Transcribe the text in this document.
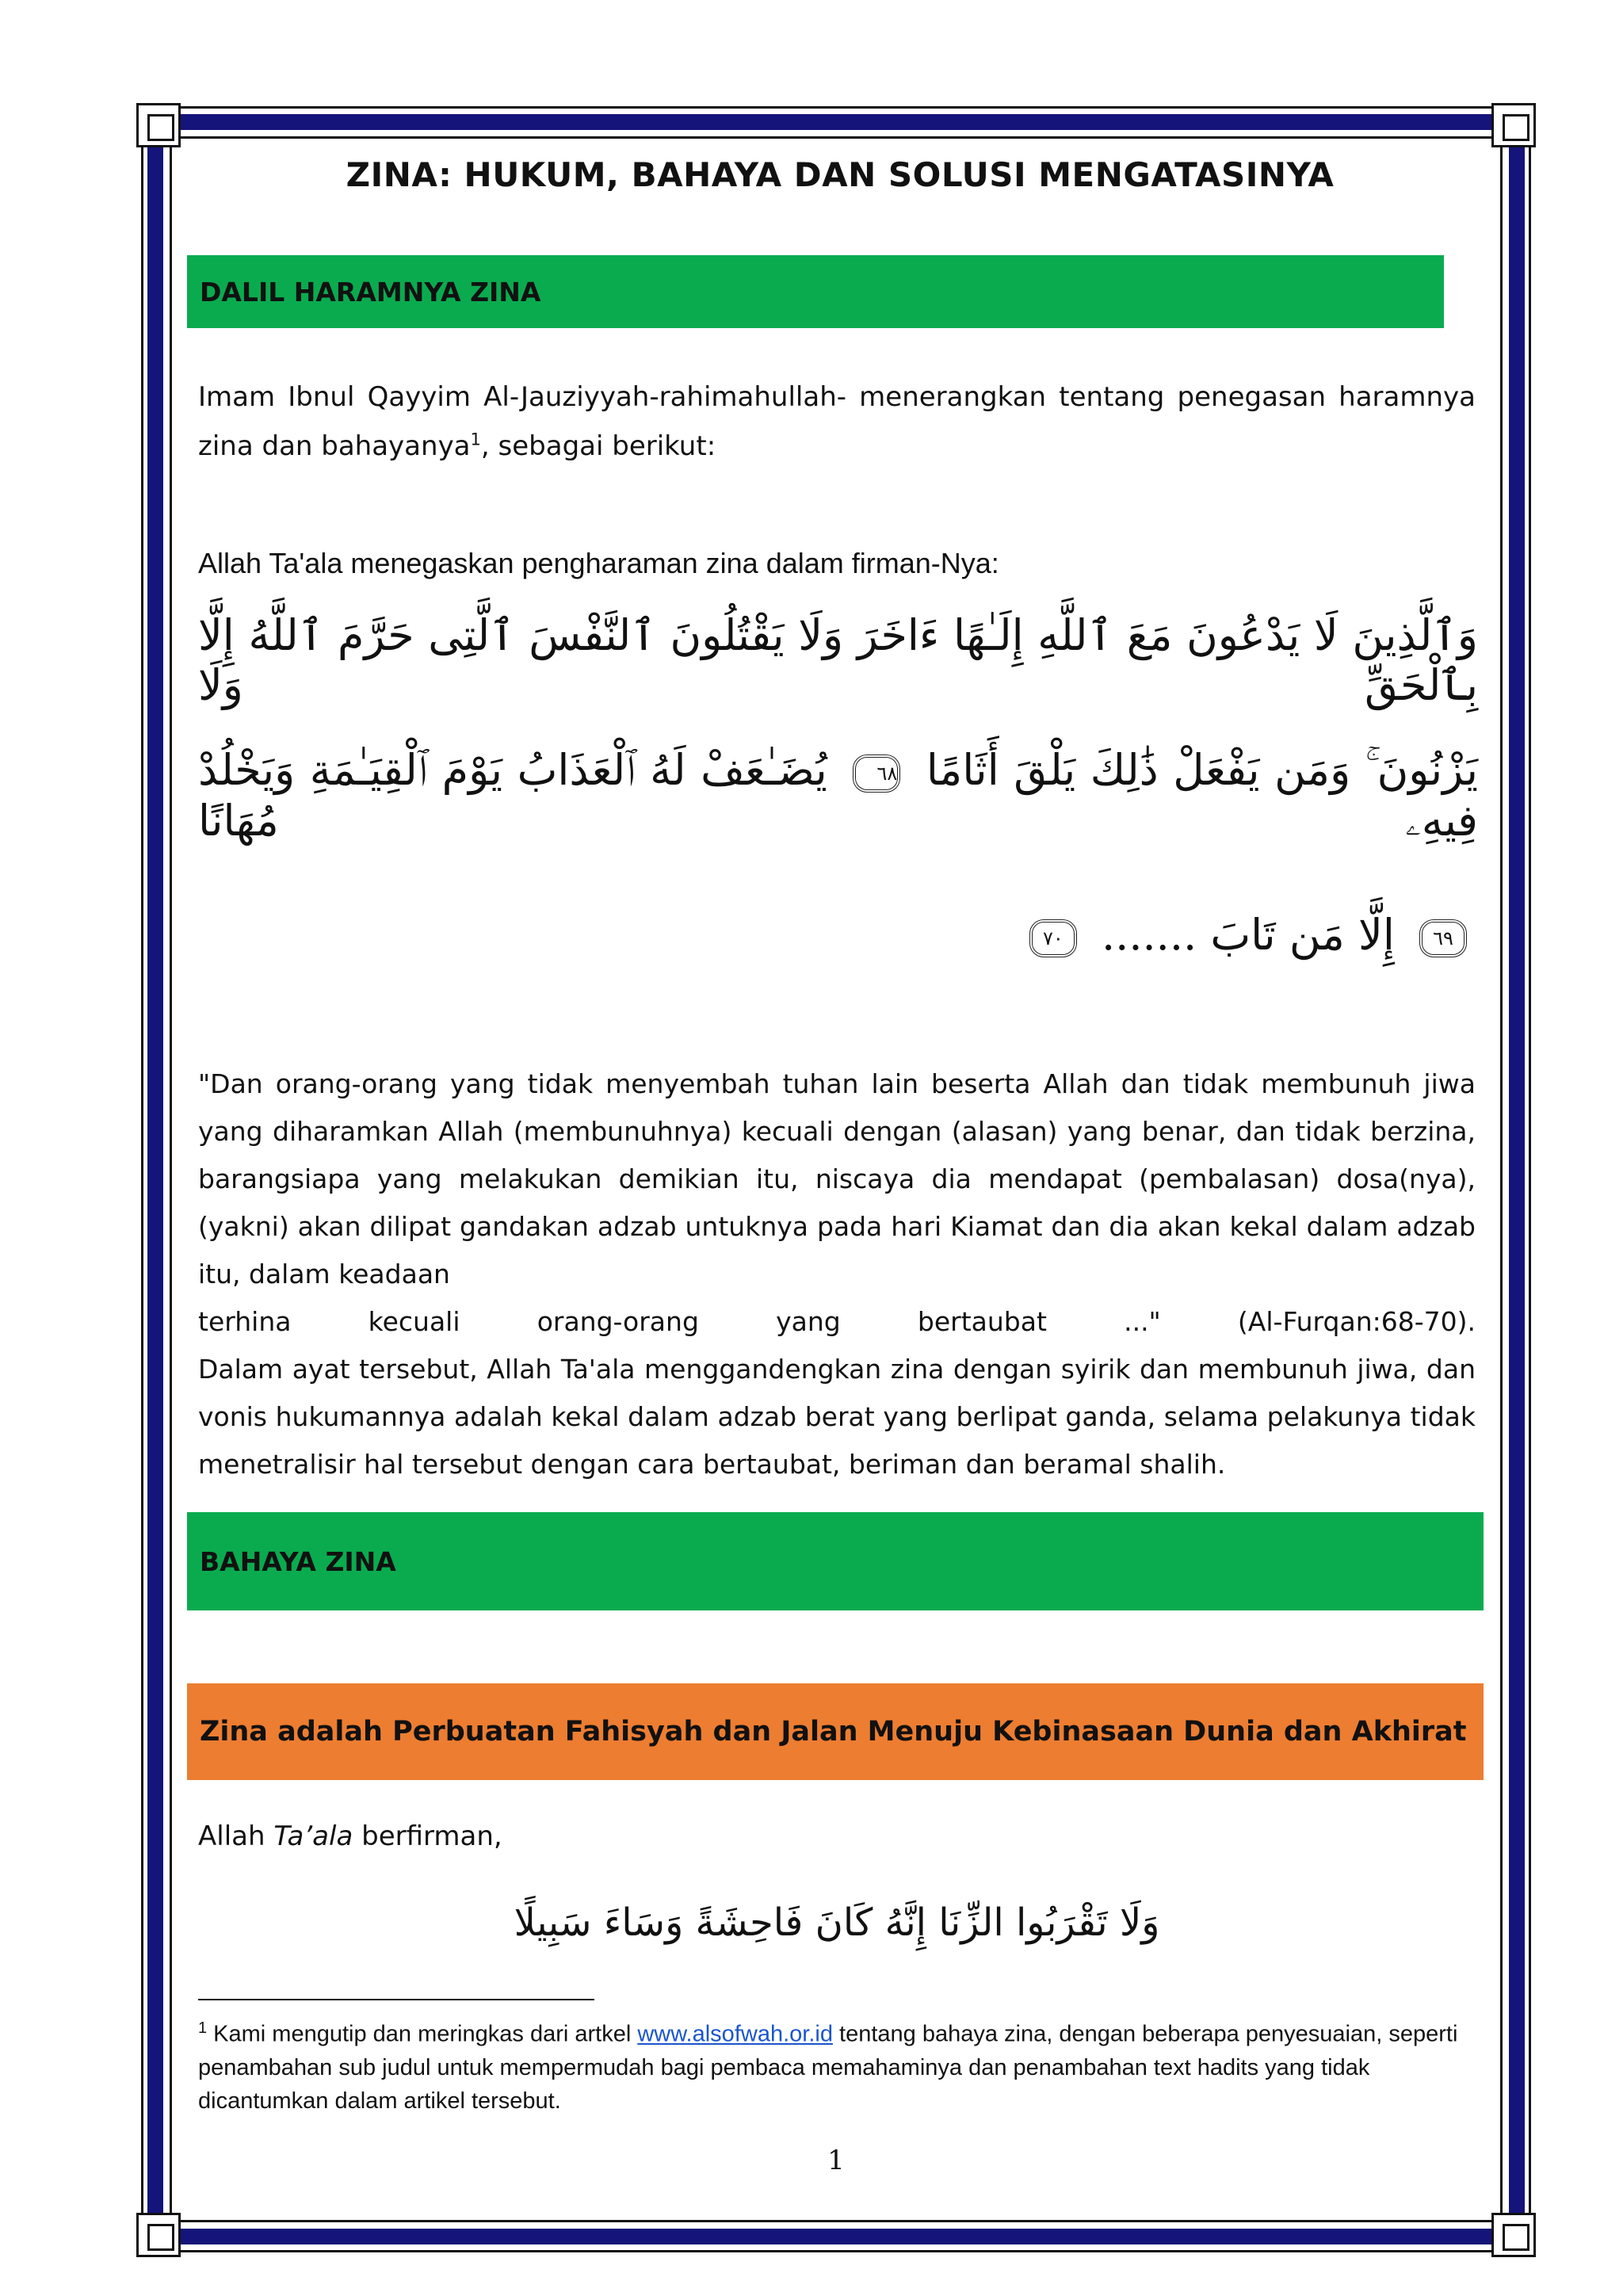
ZINA: HUKUM, BAHAYA DAN SOLUSI MENGATASINYA
DALIL HARAMNYA ZINA
Imam Ibnul Qayyim Al-Jauziyyah-rahimahullah- menerangkan tentang penegasan haramnya zina dan bahayanya$^1$, sebagai berikut:
Allah Ta'ala menegaskan pengharaman zina dalam firman-Nya:
وَٱلَّذِينَ لَا يَدْعُونَ مَعَ ٱللَّهِ إِلَـٰهًا ءَاخَرَ وَلَا يَقْتُلُونَ ٱلنَّفْسَ ٱلَّتِى حَرَّمَ ٱللَّهُ إِلَّا بِٱلْحَقِّ وَلَا
يَزْنُونَ ۚ وَمَن يَفْعَلْ ذَٰلِكَ يَلْقَ أَثَامًا ٦٨ يُضَـٰعَفْ لَهُ ٱلْعَذَابُ يَوْمَ ٱلْقِيَـٰمَةِ وَيَخْلُدْ فِيهِۦ مُهَانًا
٦٩ إِلَّا مَن تَابَ ....... ٧٠
"Dan orang-orang yang tidak menyembah tuhan lain beserta Allah dan tidak membunuh jiwa yang diharamkan Allah (membunuhnya) kecuali dengan (alasan) yang benar, dan tidak berzina, barangsiapa yang melakukan demikian itu, niscaya dia mendapat (pembalasan) dosa(nya), (yakni) akan dilipat gandakan adzab untuknya pada hari Kiamat dan dia akan kekal dalam adzab itu, dalam keadaan
terhina kecuali orang-orang yang bertaubat ..." (Al-Furqan:68-70).
Dalam ayat tersebut, Allah Ta'ala menggandengkan zina dengan syirik dan membunuh jiwa, dan vonis hukumannya adalah kekal dalam adzab berat yang berlipat ganda, selama pelakunya tidak menetralisir hal tersebut dengan cara bertaubat, beriman dan beramal shalih.
BAHAYA ZINA
Zina adalah Perbuatan Fahisyah dan Jalan Menuju Kebinasaan Dunia dan Akhirat
Allah Ta’ala berfirman,
وَلَا تَقْرَبُوا الزِّنَا إِنَّهُ كَانَ فَاحِشَةً وَسَاءَ سَبِيلًا
$^1$ Kami mengutip dan meringkas dari artkel www.alsofwah.or.id tentang bahaya zina, dengan beberapa penyesuaian, seperti penambahan sub judul untuk mempermudah bagi pembaca memahaminya dan penambahan text hadits yang tidak dicantumkan dalam artikel tersebut.
1
